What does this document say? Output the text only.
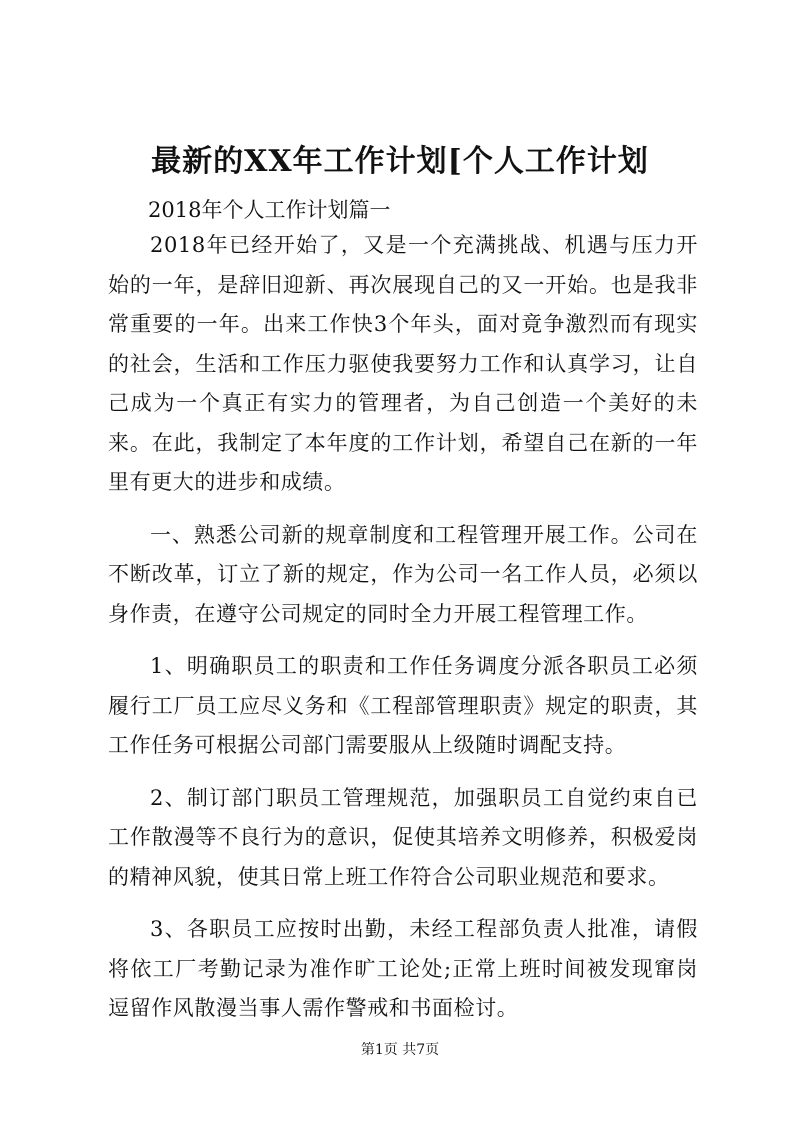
最新的XX年工作计划[个人工作计划
2018年个人工作计划篇一

2018年已经开始了，又是一个充满挑战、机遇与压力开始的一年，是辞旧迎新、再次展现自己的又一开始。也是我非常重要的一年。出来工作快3个年头，面对竟争激烈而有现实的社会，生活和工作压力驱使我要努力工作和认真学习，让自己成为一个真正有实力的管理者，为自己创造一个美好的未来。在此，我制定了本年度的工作计划，希望自己在新的一年里有更大的进步和成绩。

一、熟悉公司新的规章制度和工程管理开展工作。公司在不断改革，订立了新的规定，作为公司一名工作人员，必须以身作责，在遵守公司规定的同时全力开展工程管理工作。

1、明确职员工的职责和工作任务调度分派各职员工必须履行工厂员工应尽义务和《工程部管理职责》规定的职责，其工作任务可根据公司部门需要服从上级随时调配支持。

2、制订部门职员工管理规范，加强职员工自觉约束自已工作散漫等不良行为的意识，促使其培养文明修养，积极爱岗的精神风貌，使其日常上班工作符合公司职业规范和要求。

3、各职员工应按时出勤，未经工程部负责人批准，请假将依工厂考勤记录为准作旷工论处;正常上班时间被发现窜岗逗留作风散漫当事人需作警戒和书面检讨。

第1页 共7页
